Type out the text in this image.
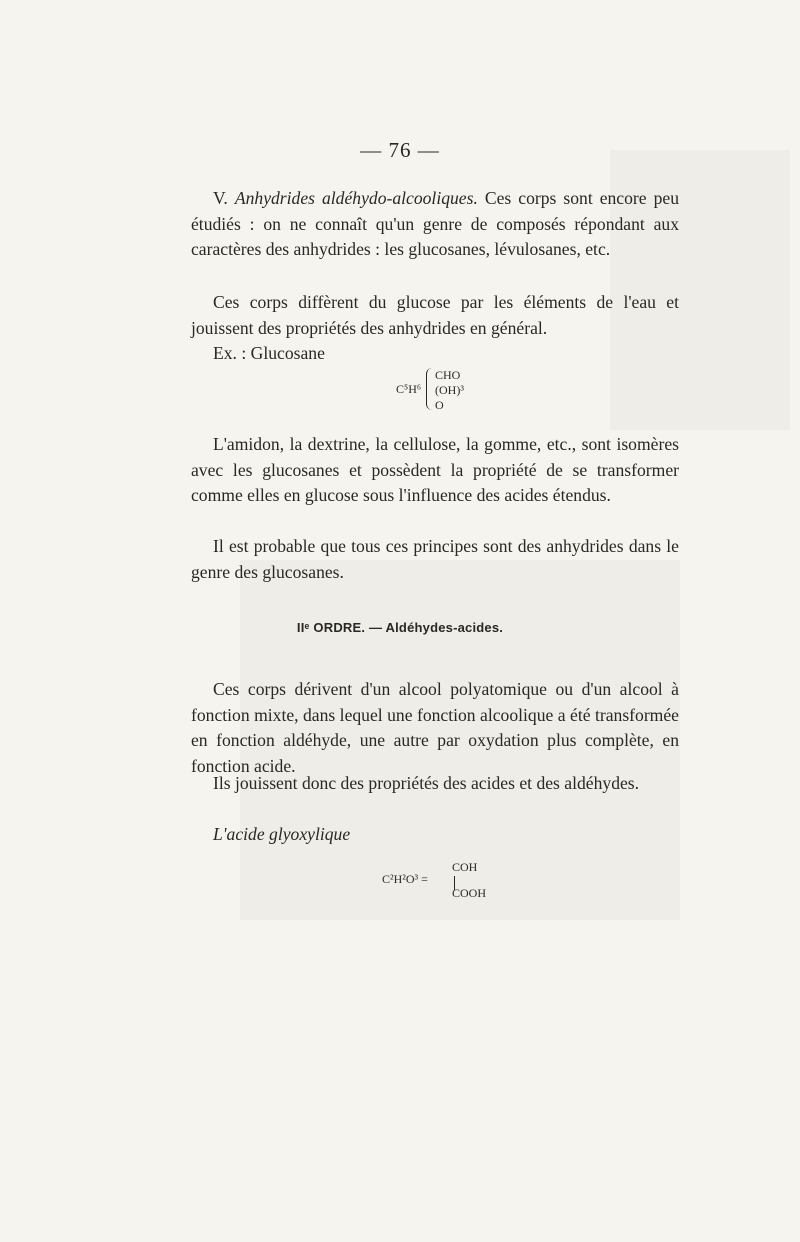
— 76 —

V. Anhydrides aldéhydo-alcooliques. Ces corps sont encore peu étudiés : on ne connaît qu'un genre de composés répondant aux caractères des anhydrides : les glucosanes, lévulosanes, etc.

Ces corps diffèrent du glucose par les éléments de l'eau et jouissent des propriétés des anhydrides en général.

Ex. : Glucosane

C⁵H⁶
CHO
(OH)³
O

L'amidon, la dextrine, la cellulose, la gomme, etc., sont isomères avec les glucosanes et possèdent la propriété de se transformer comme elles en glucose sous l'influence des acides étendus.

Il est probable que tous ces principes sont des anhydrides dans le genre des glucosanes.

IIᵉ ORDRE. — Aldéhydes-acides.

Ces corps dérivent d'un alcool polyatomique ou d'un alcool à fonction mixte, dans lequel une fonction alcoolique a été transformée en fonction aldéhyde, une autre par oxydation plus complète, en fonction acide.

Ils jouissent donc des propriétés des acides et des aldéhydes.

L'acide glyoxylique

C²H²O³ =
COH
COOH
